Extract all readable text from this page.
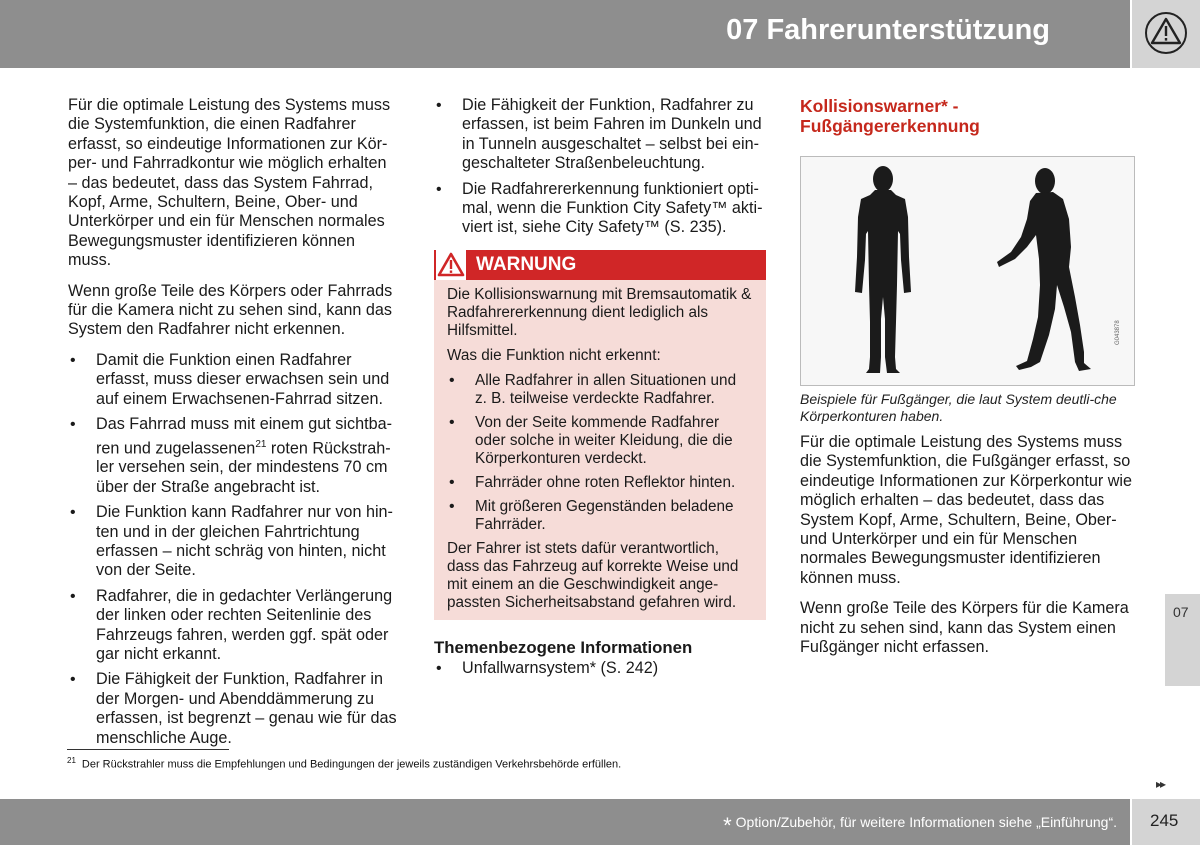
07 Fahrerunterstützung
07

Für die optimale Leistung des Systems muss die Systemfunktion, die einen Radfahrer erfasst, so eindeutige Informationen zur Kör-per- und Fahrradkontur wie möglich erhalten – das bedeutet, dass das System Fahrrad, Kopf, Arme, Schultern, Beine, Ober- und Unterkörper und ein für Menschen normales Bewegungsmuster identifizieren können muss.

Wenn große Teile des Körpers oder Fahrrads für die Kamera nicht zu sehen sind, kann das System den Radfahrer nicht erkennen.

• Damit die Funktion einen Radfahrer erfasst, muss dieser erwachsen sein und auf einem Erwachsenen-Fahrrad sitzen.
• Das Fahrrad muss mit einem gut sichtba-ren und zugelassenen$^{21}$ roten Rückstrah-ler versehen sein, der mindestens 70 cm über der Straße angebracht ist.
• Die Funktion kann Radfahrer nur von hin-ten und in der gleichen Fahrtrichtung erfassen – nicht schräg von hinten, nicht von der Seite.
• Radfahrer, die in gedachter Verlängerung der linken oder rechten Seitenlinie des Fahrzeugs fahren, werden ggf. spät oder gar nicht erkannt.
• Die Fähigkeit der Funktion, Radfahrer in der Morgen- und Abenddämmerung zu erfassen, ist begrenzt – genau wie für das menschliche Auge.
• Die Fähigkeit der Funktion, Radfahrer zu erfassen, ist beim Fahren im Dunkeln und in Tunneln ausgeschaltet – selbst bei ein-geschalteter Straßenbeleuchtung.
• Die Radfahrererkennung funktioniert opti-mal, wenn die Funktion City Safety™ akti-viert ist, siehe City Safety™ (S. 235).
WARNUNG

Die Kollisionswarnung mit Bremsautomatik & Radfahrererkennung dient lediglich als Hilfsmittel.

Was die Funktion nicht erkennt:

• Alle Radfahrer in allen Situationen und z. B. teilweise verdeckte Radfahrer.
• Von der Seite kommende Radfahrer oder solche in weiter Kleidung, die die Körperkonturen verdeckt.
• Fahrräder ohne roten Reflektor hinten.
• Mit größeren Gegenständen beladene Fahrräder.

Der Fahrer ist stets dafür verantwortlich, dass das Fahrzeug auf korrekte Weise und mit einem an die Geschwindigkeit ange-passten Sicherheitsabstand gefahren wird.

Themenbezogene Informationen
• Unfallwarnsystem* (S. 242)
Kollisionswarner* -
Fußgängererkennung
G043878
Beispiele für Fußgänger, die laut System deutli-che Körperkonturen haben.

Für die optimale Leistung des Systems muss die Systemfunktion, die Fußgänger erfasst, so eindeutige Informationen zur Körperkontur wie möglich erhalten – das bedeutet, dass das System Kopf, Arme, Schultern, Beine, Ober- und Unterkörper und ein für Menschen normales Bewegungsmuster identifizieren können muss.

Wenn große Teile des Körpers für die Kamera nicht zu sehen sind, kann das System einen Fußgänger nicht erfassen.

$^{21}$ Der Rückstrahler muss die Empfehlungen und Bedingungen der jeweils zuständigen Verkehrsbehörde erfüllen.
▸▸
* Option/Zubehör, für weitere Informationen siehe „Einführung“. 245
